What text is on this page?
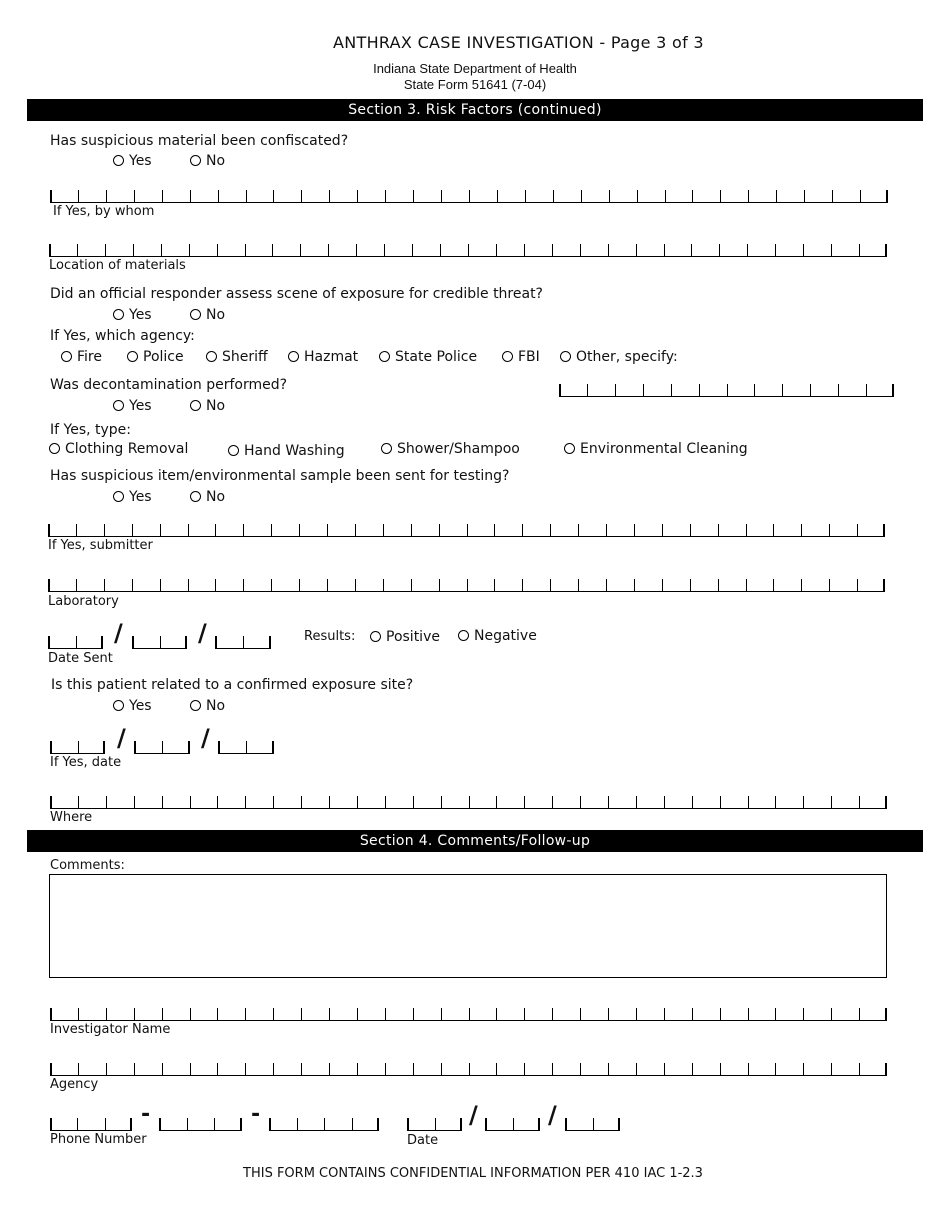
ANTHRAX CASE INVESTIGATION - Page 3 of 3
Indiana State Department of Health
State Form 51641 (7-04)
Section 3. Risk Factors (continued)
Has suspicious material been confiscated?
Yes	No
If Yes, by whom
Location of materials
Did an official responder assess scene of exposure for credible threat?
Yes	No
If Yes, which agency:
Fire	Police	Sheriff	Hazmat	State Police	FBI	Other, specify:
Was decontamination performed?
Yes	No
If Yes, type:
Clothing Removal	Hand Washing	Shower/Shampoo	Environmental Cleaning
Has suspicious item/environmental sample been sent for testing?
Yes	No
If Yes, submitter
Laboratory
/	/
Date Sent
Results:	Positive	Negative
Is this patient related to a confirmed exposure site?
Yes	No
/	/
If Yes, date
Where
Section 4. Comments/Follow-up
Comments:
Investigator Name
Agency
-	-
Phone Number
/	/
Date
THIS FORM CONTAINS CONFIDENTIAL INFORMATION PER 410 IAC 1-2.3
